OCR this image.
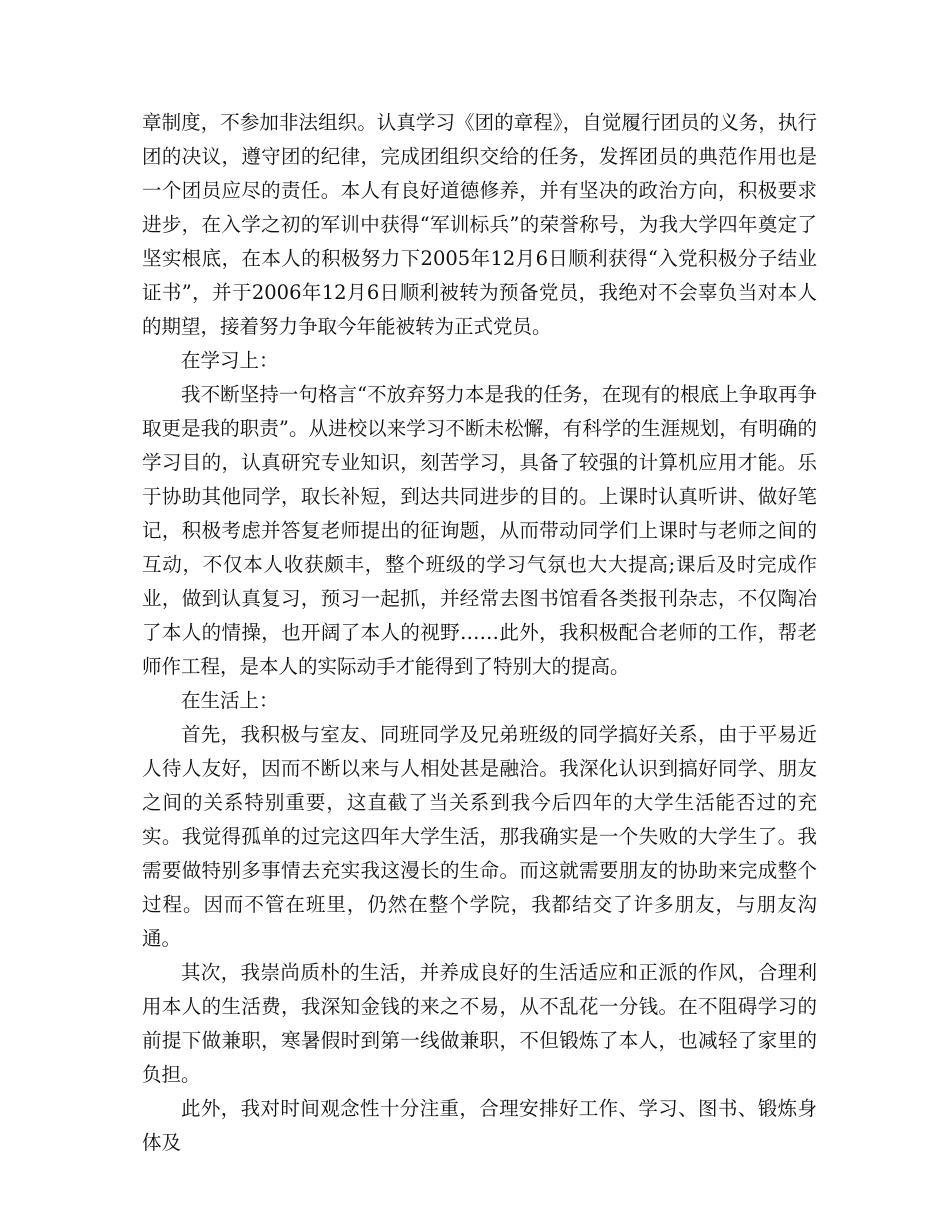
章制度，不参加非法组织。认真学习《团的章程》，自觉履行团员的义务，执行团的决议，遵守团的纪律，完成团组织交给的任务，发挥团员的典范作用也是一个团员应尽的责任。本人有良好道德修养，并有坚决的政治方向，积极要求进步，在入学之初的军训中获得“军训标兵”的荣誉称号，为我大学四年奠定了坚实根底，在本人的积极努力下2005年12月6日顺利获得“入党积极分子结业证书”，并于2006年12月6日顺利被转为预备党员，我绝对不会辜负当对本人的期望，接着努力争取今年能被转为正式党员。

在学习上：

我不断坚持一句格言“不放弃努力本是我的任务，在现有的根底上争取再争取更是我的职责”。从进校以来学习不断未松懈，有科学的生涯规划，有明确的学习目的，认真研究专业知识，刻苦学习，具备了较强的计算机应用才能。乐于协助其他同学，取长补短，到达共同进步的目的。上课时认真听讲、做好笔记，积极考虑并答复老师提出的征询题，从而带动同学们上课时与老师之间的互动，不仅本人收获颇丰，整个班级的学习气氛也大大提高;课后及时完成作业，做到认真复习，预习一起抓，并经常去图书馆看各类报刊杂志，不仅陶冶了本人的情操，也开阔了本人的视野……此外，我积极配合老师的工作，帮老师作工程，是本人的实际动手才能得到了特别大的提高。

在生活上：

首先，我积极与室友、同班同学及兄弟班级的同学搞好关系，由于平易近人待人友好，因而不断以来与人相处甚是融洽。我深化认识到搞好同学、朋友之间的关系特别重要，这直截了当关系到我今后四年的大学生活能否过的充实。我觉得孤单的过完这四年大学生活，那我确实是一个失败的大学生了。我需要做特别多事情去充实我这漫长的生命。而这就需要朋友的协助来完成整个过程。因而不管在班里，仍然在整个学院，我都结交了许多朋友，与朋友沟通。

其次，我崇尚质朴的生活，并养成良好的生活适应和正派的作风，合理利用本人的生活费，我深知金钱的来之不易，从不乱花一分钱。在不阻碍学习的前提下做兼职，寒暑假时到第一线做兼职，不但锻炼了本人，也减轻了家里的负担。

此外，我对时间观念性十分注重，合理安排好工作、学习、图书、锻炼身体及
